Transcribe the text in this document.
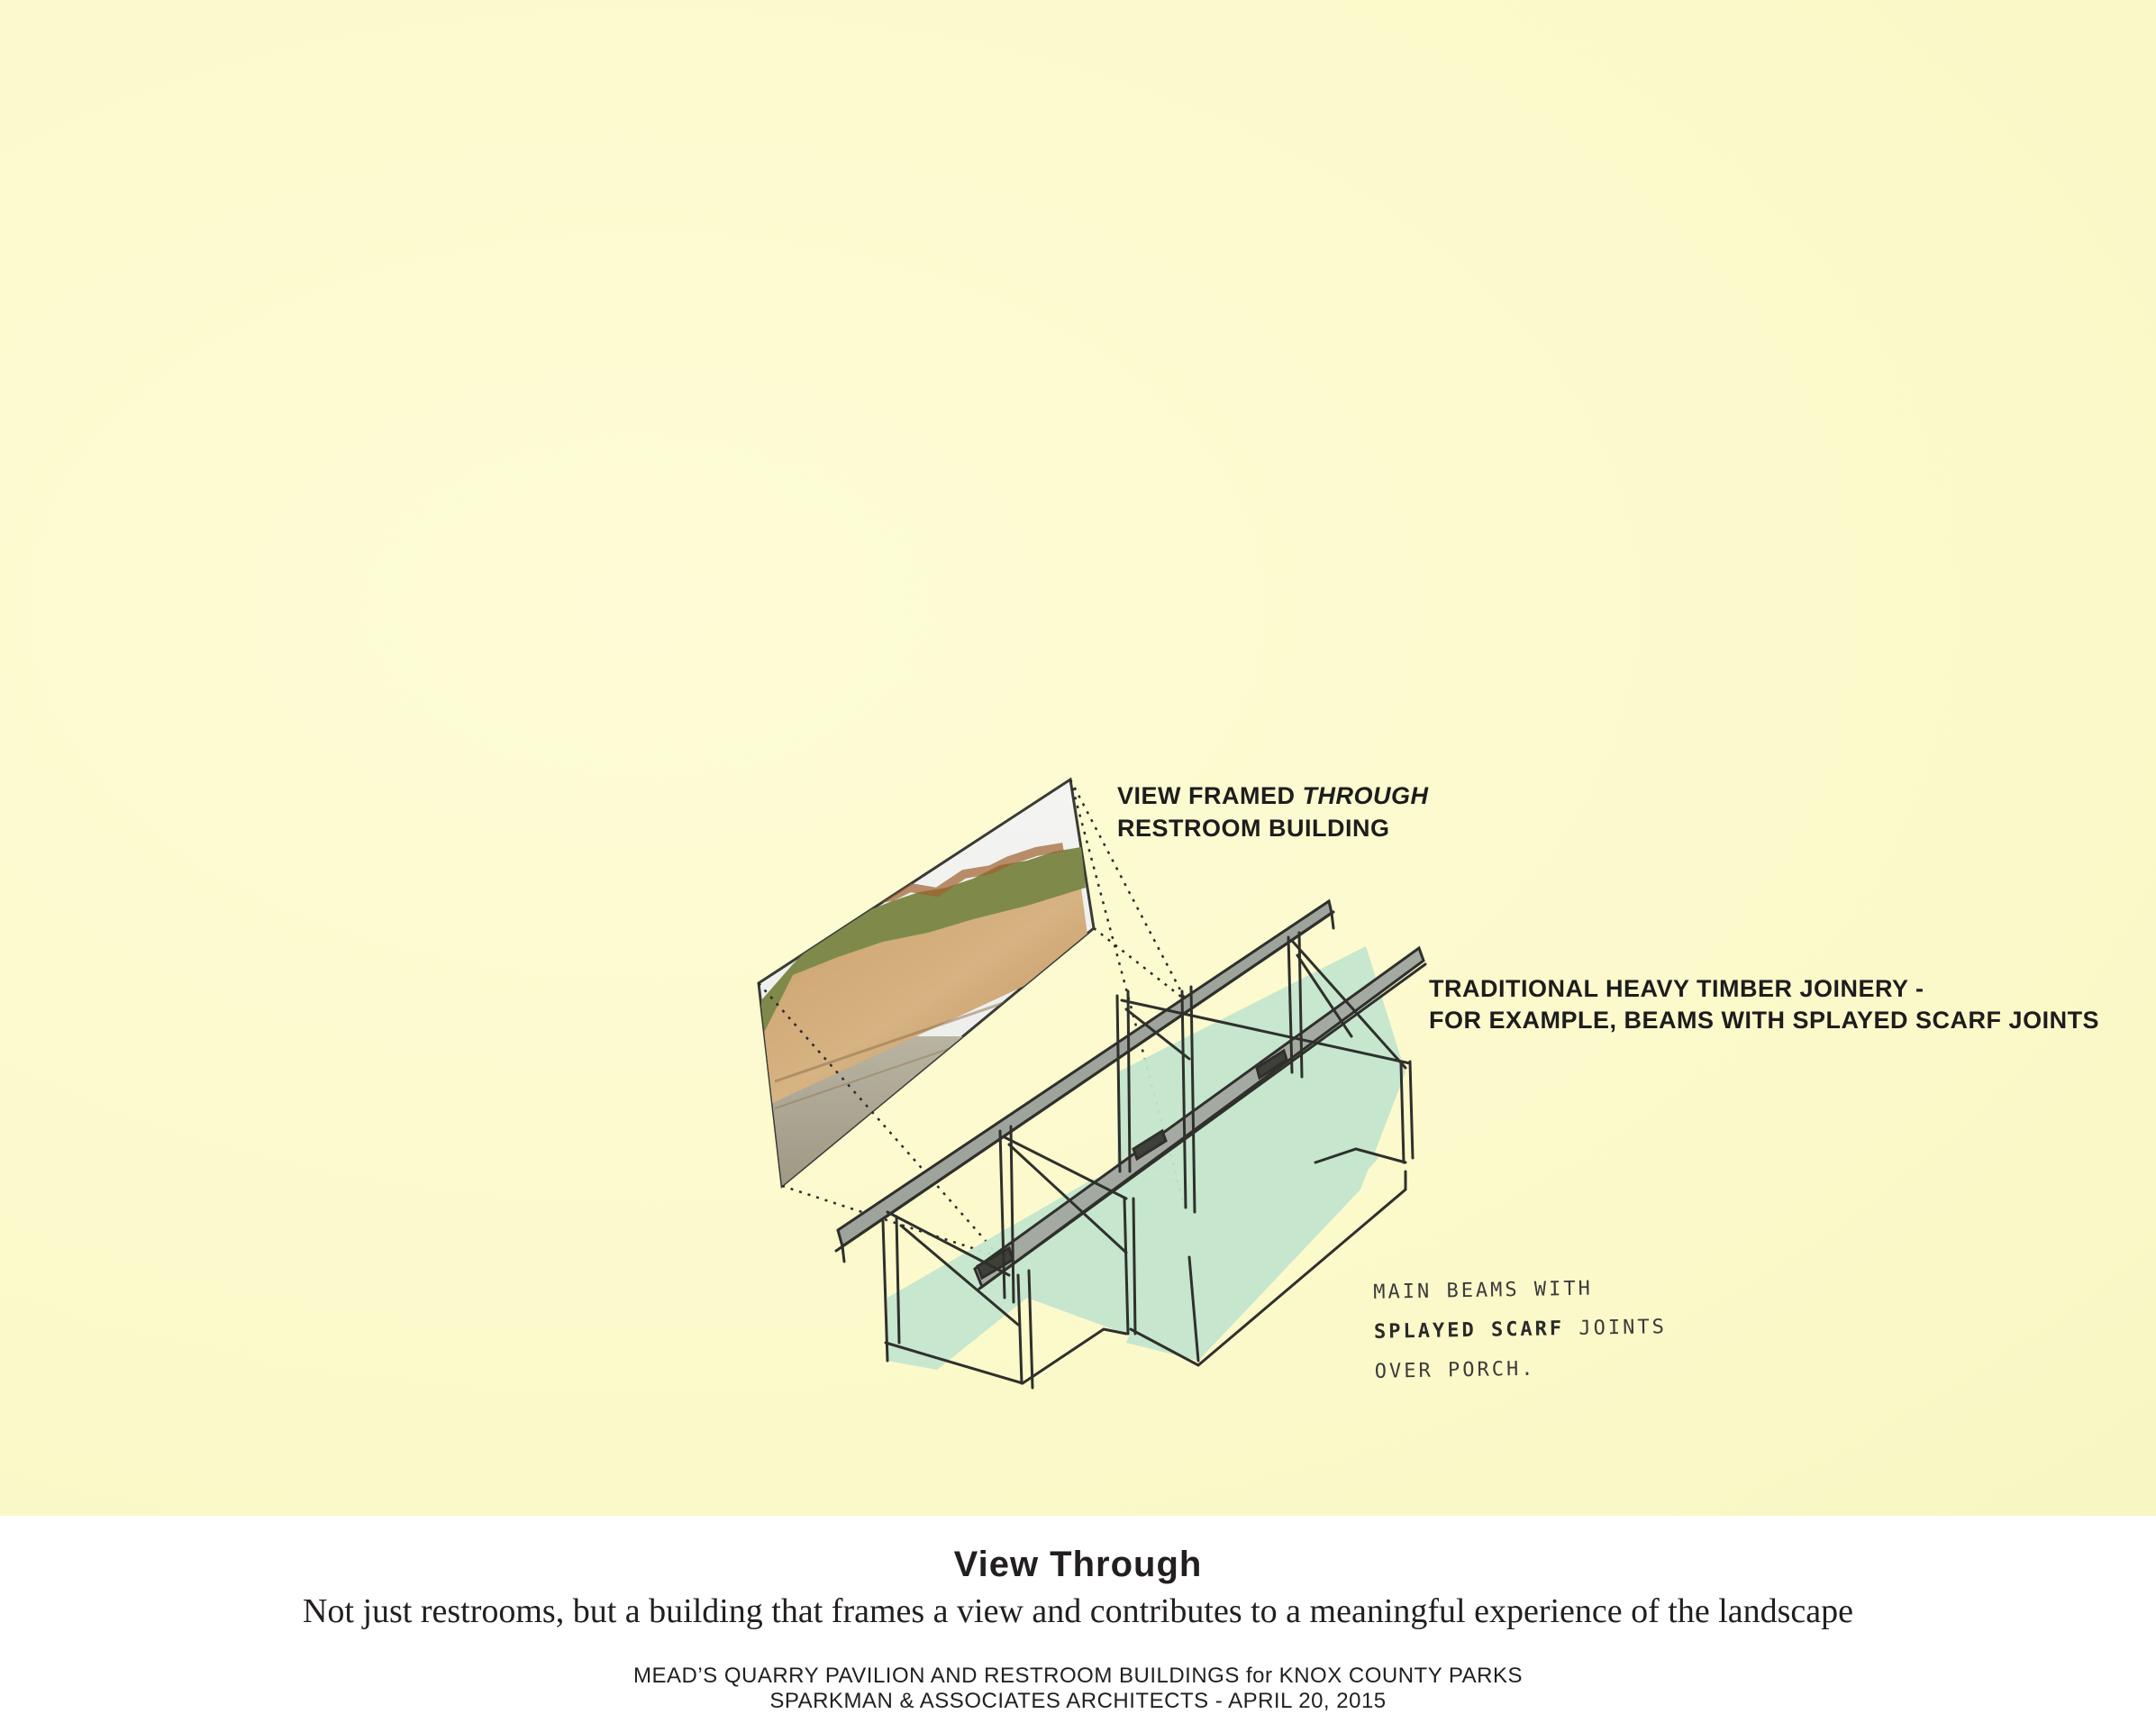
VIEW FRAMED THROUGH
RESTROOM BUILDING

TRADITIONAL HEAVY TIMBER JOINERY -
FOR EXAMPLE, BEAMS WITH SPLAYED SCARF JOINTS

MAIN BEAMS WITH
SPLAYED SCARF JOINTS
OVER PORCH.

View Through
Not just restrooms, but a building that frames a view and contributes to a meaningful experience of the landscape
MEAD’S QUARRY PAVILION AND RESTROOM BUILDINGS for KNOX COUNTY PARKS
SPARKMAN & ASSOCIATES ARCHITECTS - APRIL 20, 2015
